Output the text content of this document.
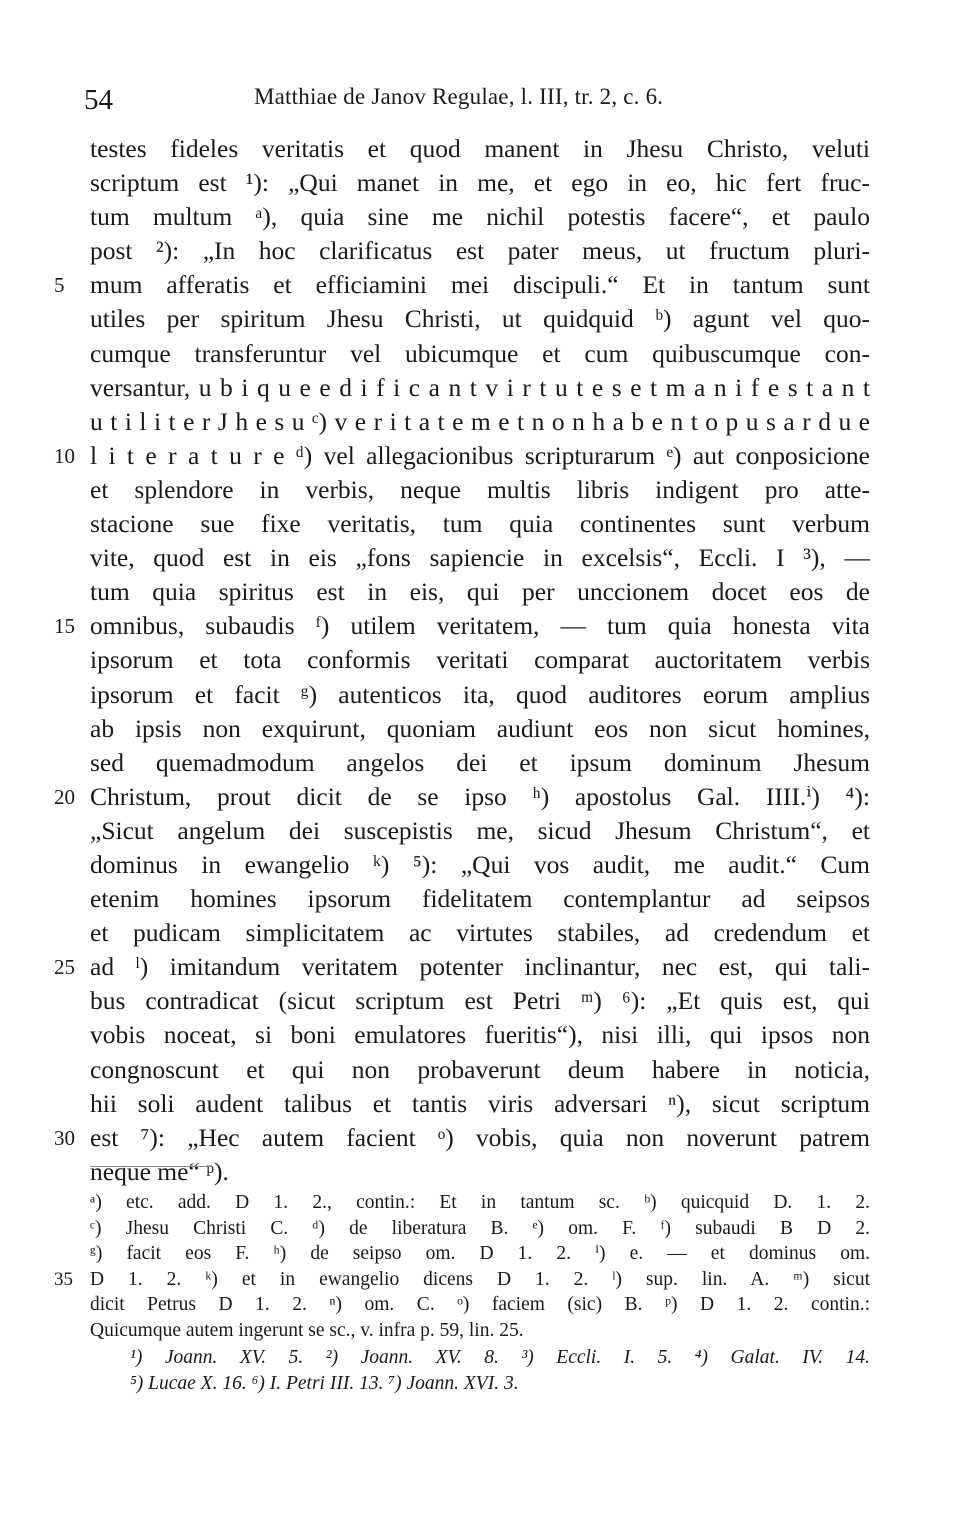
54	Matthiae de Janov Regulae, l. III, tr. 2, c. 6.
testes fideles veritatis et quod manent in Jhesu Christo, veluti
scriptum est ¹): „Qui manet in me, et ego in eo, hic fert fruc-
tum multum ᵃ), quia sine me nichil potestis facere“, et paulo
post ²): „In hoc clarificatus est pater meus, ut fructum pluri-
5	mum afferatis et efficiamini mei discipuli.“ Et in tantum sunt
utiles per spiritum Jhesu Christi, ut quidquid ᵇ) agunt vel quo-
cumque transferuntur vel ubicumque et cum quibuscumque con-
versantur, u b i q u e e d i f i c a n t v i r t u t e s e t m a n i f e s t a n t
u t i l i t e r J h e s u ᶜ) v e r i t a t e m e t n o n h a b e n t o p u s a r d u e
10 l i t e r a t u r e ᵈ) vel allegacionibus scripturarum ᵉ) aut conposicione
et splendore in verbis, neque multis libris indigent pro atte-
stacione sue fixe veritatis, tum quia continentes sunt verbum
vite, quod est in eis „fons sapiencie in excelsis“, Eccli. I ³), —
tum quia spiritus est in eis, qui per unccionem docet eos de
15 omnibus, subaudis ᶠ) utilem veritatem, — tum quia honesta vita
ipsorum et tota conformis veritati comparat auctoritatem verbis
ipsorum et facit ᵍ) autenticos ita, quod auditores eorum amplius
ab ipsis non exquirunt, quoniam audiunt eos non sicut homines,
sed quemadmodum angelos dei et ipsum dominum Jhesum
20 Christum, prout dicit de se ipso ʰ) apostolus Gal. IIII.ⁱ) ⁴):
„Sicut angelum dei suscepistis me, sicud Jhesum Christum“, et
dominus in ewangelio ᵏ) ⁵): „Qui vos audit, me audit.“ Cum
etenim homines ipsorum fidelitatem contemplantur ad seipsos
et pudicam simplicitatem ac virtutes stabiles, ad credendum et
25 ad ˡ) imitandum veritatem potenter inclinantur, nec est, qui tali-
bus contradicat (sicut scriptum est Petri ᵐ) ⁶): „Et quis est, qui
vobis noceat, si boni emulatores fueritis“), nisi illi, qui ipsos non
congnoscunt et qui non probaverunt deum habere in noticia,
hii soli audent talibus et tantis viris adversari ⁿ), sicut scriptum
30 est ⁷): „Hec autem facient ᵒ) vobis, quia non noverunt patrem
neque me“ ᵖ).
ᵃ) etc. add. D 1. 2., contin.: Et in tantum sc. ᵇ) quicquid D. 1. 2.
ᶜ) Jhesu Christi C. ᵈ) de liberatura B. ᵉ) om. F. ᶠ) subaudi B D 2.
ᵍ) facit eos F. ʰ) de seipso om. D 1. 2. ⁱ) e. — et dominus om.
35 D 1. 2. ᵏ) et in ewangelio dicens D 1. 2. ˡ) sup. lin. A. ᵐ) sicut
dicit Petrus D 1. 2. ⁿ) om. C. ᵒ) faciem (sic) B. ᵖ) D 1. 2. contin.:
Quicumque autem ingerunt se sc., v. infra p. 59, lin. 25.
¹) Joann. XV. 5. ²) Joann. XV. 8. ³) Eccli. I. 5. ⁴) Galat. IV. 14.
⁵) Lucae X. 16. ⁶) I. Petri III. 13. ⁷) Joann. XVI. 3.
